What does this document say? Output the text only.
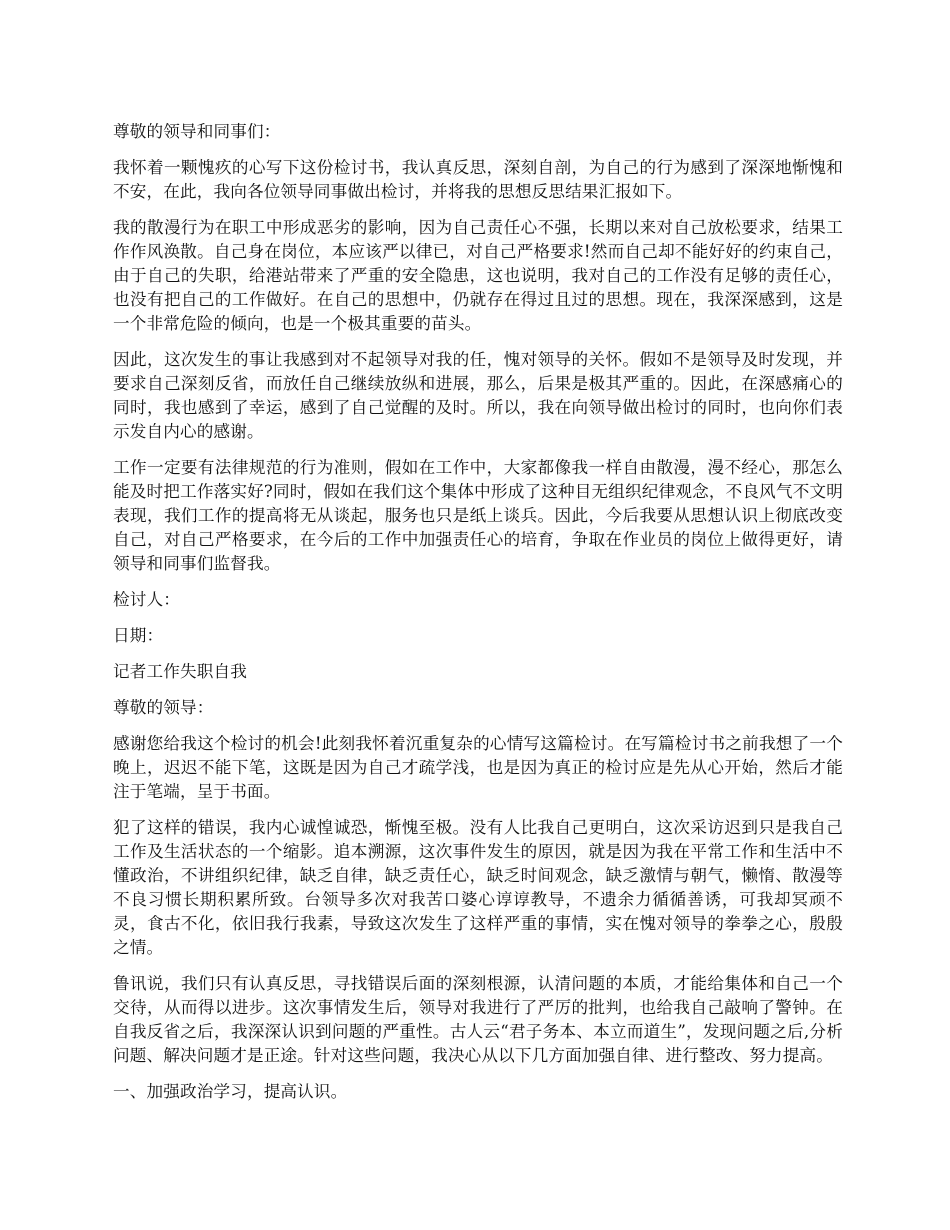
尊敬的领导和同事们：

我怀着一颗愧疚的心写下这份检讨书，我认真反思，深刻自剖，为自己的行为感到了深深地惭愧和不安，在此，我向各位领导同事做出检讨，并将我的思想反思结果汇报如下。

我的散漫行为在职工中形成恶劣的影响，因为自己责任心不强，长期以来对自己放松要求，结果工作作风涣散。自己身在岗位，本应该严以律已，对自己严格要求!然而自己却不能好好的约束自己，由于自己的失职，给港站带来了严重的安全隐患，这也说明，我对自己的工作没有足够的责任心，也没有把自己的工作做好。在自己的思想中，仍就存在得过且过的思想。现在，我深深感到，这是一个非常危险的倾向，也是一个极其重要的苗头。

因此，这次发生的事让我感到对不起领导对我的任，愧对领导的关怀。假如不是领导及时发现，并要求自己深刻反省，而放任自己继续放纵和进展，那么，后果是极其严重的。因此，在深感痛心的同时，我也感到了幸运，感到了自己觉醒的及时。所以，我在向领导做出检讨的同时，也向你们表示发自内心的感谢。

工作一定要有法律规范的行为准则，假如在工作中，大家都像我一样自由散漫，漫不经心，那怎么能及时把工作落实好?同时，假如在我们这个集体中形成了这种目无组织纪律观念，不良风气不文明表现，我们工作的提高将无从谈起，服务也只是纸上谈兵。因此，今后我要从思想认识上彻底改变自己，对自己严格要求，在今后的工作中加强责任心的培育，争取在作业员的岗位上做得更好，请领导和同事们监督我。

检讨人：

日期：

记者工作失职自我

尊敬的领导：

感谢您给我这个检讨的机会!此刻我怀着沉重复杂的心情写这篇检讨。在写篇检讨书之前我想了一个晚上，迟迟不能下笔，这既是因为自己才疏学浅，也是因为真正的检讨应是先从心开始，然后才能注于笔端，呈于书面。

犯了这样的错误，我内心诚惶诚恐，惭愧至极。没有人比我自己更明白，这次采访迟到只是我自己工作及生活状态的一个缩影。追本溯源，这次事件发生的原因，就是因为我在平常工作和生活中不懂政治，不讲组织纪律，缺乏自律，缺乏责任心，缺乏时间观念，缺乏激情与朝气，懒惰、散漫等不良习惯长期积累所致。台领导多次对我苦口婆心谆谆教导，不遗余力循循善诱，可我却冥顽不灵，食古不化，依旧我行我素，导致这次发生了这样严重的事情，实在愧对领导的拳拳之心，殷殷之情。

鲁讯说，我们只有认真反思，寻找错误后面的深刻根源，认清问题的本质，才能给集体和自己一个交待，从而得以进步。这次事情发生后，领导对我进行了严厉的批判，也给我自己敲响了警钟。在自我反省之后，我深深认识到问题的严重性。古人云“君子务本、本立而道生”，发现问题之后,分析问题、解决问题才是正途。针对这些问题，我决心从以下几方面加强自律、进行整改、努力提高。

一、加强政治学习，提高认识。
